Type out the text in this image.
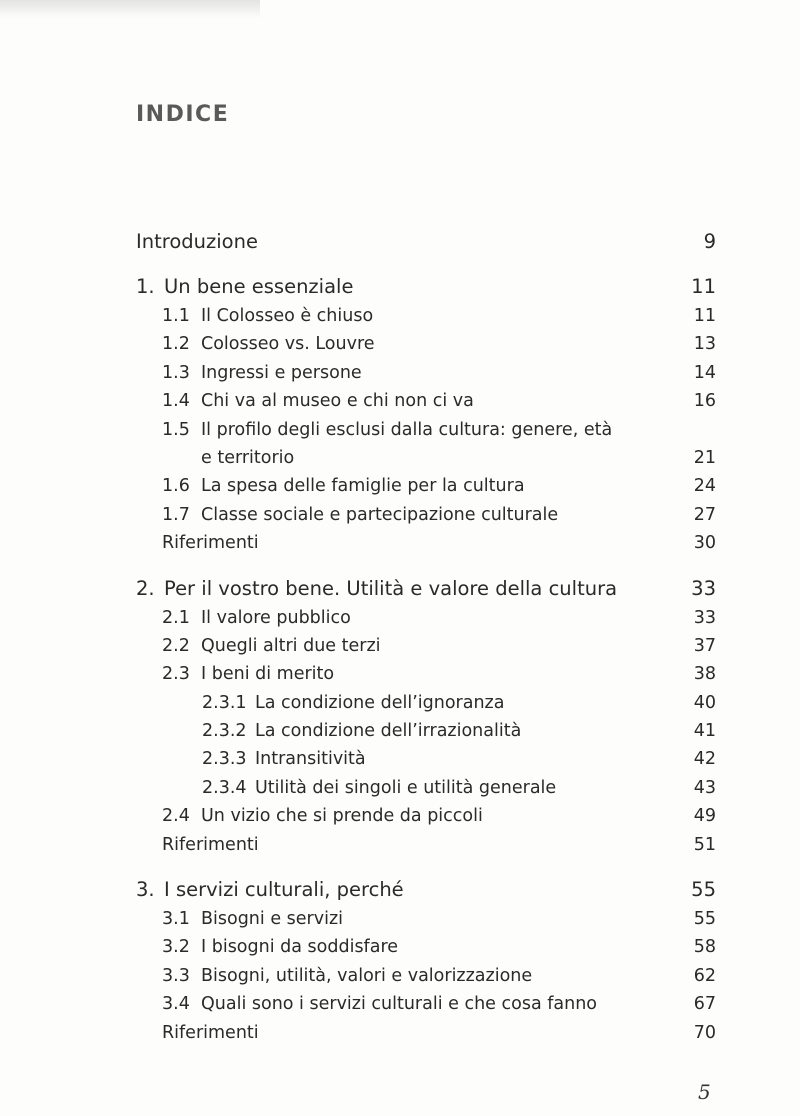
INDICE
Introduzione	9
1. Un bene essenziale	11
1.1 Il Colosseo è chiuso	11
1.2 Colosseo vs. Louvre	13
1.3 Ingressi e persone	14
1.4 Chi va al museo e chi non ci va	16
1.5 Il profilo degli esclusi dalla cultura: genere, età
e territorio	21
1.6 La spesa delle famiglie per la cultura	24
1.7 Classe sociale e partecipazione culturale	27
Riferimenti	30
2. Per il vostro bene. Utilità e valore della cultura	33
2.1 Il valore pubblico	33
2.2 Quegli altri due terzi	37
2.3 I beni di merito	38
2.3.1 La condizione dell’ignoranza	40
2.3.2 La condizione dell’irrazionalità	41
2.3.3 Intransitività	42
2.3.4 Utilità dei singoli e utilità generale	43
2.4 Un vizio che si prende da piccoli	49
Riferimenti	51
3. I servizi culturali, perché	55
3.1 Bisogni e servizi	55
3.2 I bisogni da soddisfare	58
3.3 Bisogni, utilità, valori e valorizzazione	62
3.4 Quali sono i servizi culturali e che cosa fanno	67
Riferimenti	70
5
